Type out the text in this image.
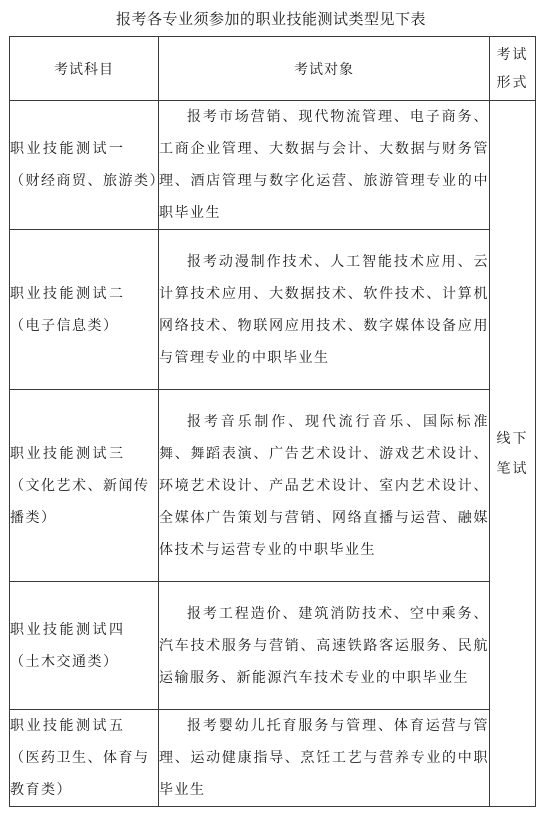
报考各专业须参加的职业技能测试类型见下表
考试科目	考试对象	考试
形式

职业技能测试一
（财经商贸、旅游类）	报考市场营销、现代物流管理、电子商务、工商企业管理、大数据与会计、大数据与财务管理、酒店管理与数字化运营、旅游管理专业的中职毕业生	线下
笔试

职业技能测试二
（电子信息类）	报考动漫制作技术、人工智能技术应用、云计算技术应用、大数据技术、软件技术、计算机网络技术、物联网应用技术、数字媒体设备应用与管理专业的中职毕业生	

职业技能测试三
（文化艺术、新闻传播类）	报考音乐制作、现代流行音乐、国际标准舞、舞蹈表演、广告艺术设计、游戏艺术设计、环境艺术设计、产品艺术设计、室内艺术设计、全媒体广告策划与营销、网络直播与运营、融媒体技术与运营专业的中职毕业生	

职业技能测试四
（土木交通类）	报考工程造价、建筑消防技术、空中乘务、汽车技术服务与营销、高速铁路客运服务、民航运输服务、新能源汽车技术专业的中职毕业生	

职业技能测试五
（医药卫生、体育与教育类）	报考婴幼儿托育服务与管理、体育运营与管理、运动健康指导、烹饪工艺与营养专业的中职毕业生	
